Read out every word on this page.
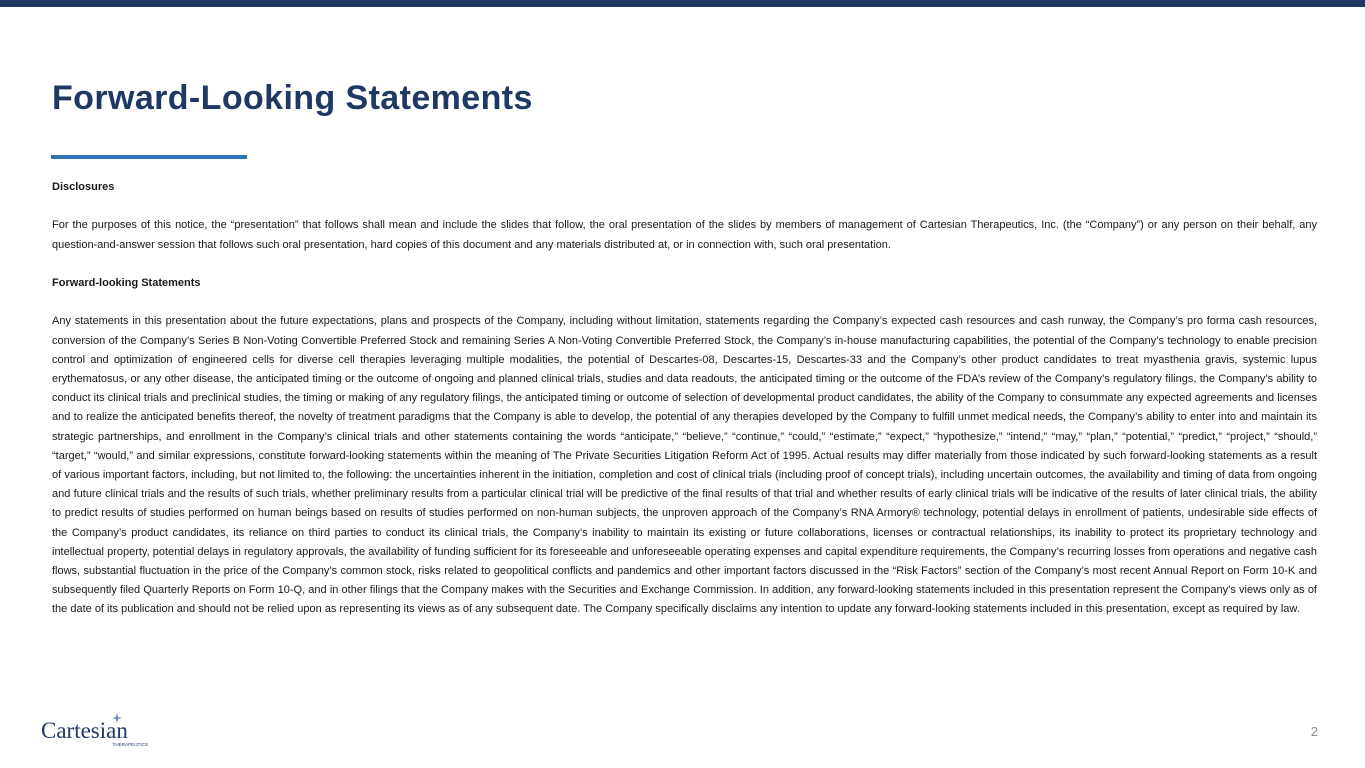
Forward-Looking Statements

Disclosures

For the purposes of this notice, the “presentation” that follows shall mean and include the slides that follow, the oral presentation of the slides by members of management of Cartesian Therapeutics, Inc. (the “Company”) or any person on their behalf, any question-and-answer session that follows such oral presentation, hard copies of this document and any materials distributed at, or in connection with, such oral presentation.

Forward-looking Statements

Any statements in this presentation about the future expectations, plans and prospects of the Company, including without limitation, statements regarding the Company’s expected cash resources and cash runway, the Company’s pro forma cash resources, conversion of the Company’s Series B Non-Voting Convertible Preferred Stock and remaining Series A Non-Voting Convertible Preferred Stock, the Company’s in-house manufacturing capabilities, the potential of the Company’s technology to enable precision control and optimization of engineered cells for diverse cell therapies leveraging multiple modalities, the potential of Descartes-08, Descartes-15, Descartes-33 and the Company’s other product candidates to treat myasthenia gravis, systemic lupus erythematosus, or any other disease, the anticipated timing or the outcome of ongoing and planned clinical trials, studies and data readouts, the anticipated timing or the outcome of the FDA’s review of the Company’s regulatory filings, the Company’s ability to conduct its clinical trials and preclinical studies, the timing or making of any regulatory filings, the anticipated timing or outcome of selection of developmental product candidates, the ability of the Company to consummate any expected agreements and licenses and to realize the anticipated benefits thereof, the novelty of treatment paradigms that the Company is able to develop, the potential of any therapies developed by the Company to fulfill unmet medical needs, the Company’s ability to enter into and maintain its strategic partnerships, and enrollment in the Company’s clinical trials and other statements containing the words “anticipate,” “believe,” “continue,” “could,” “estimate,” “expect,” “hypothesize,” “intend,” “may,” “plan,” “potential,” “predict,” “project,” “should,” “target,” “would,” and similar expressions, constitute forward-looking statements within the meaning of The Private Securities Litigation Reform Act of 1995. Actual results may differ materially from those indicated by such forward-looking statements as a result of various important factors, including, but not limited to, the following: the uncertainties inherent in the initiation, completion and cost of clinical trials (including proof of concept trials), including uncertain outcomes, the availability and timing of data from ongoing and future clinical trials and the results of such trials, whether preliminary results from a particular clinical trial will be predictive of the final results of that trial and whether results of early clinical trials will be indicative of the results of later clinical trials, the ability to predict results of studies performed on human beings based on results of studies performed on non-human subjects, the unproven approach of the Company’s RNA Armory® technology, potential delays in enrollment of patients, undesirable side effects of the Company’s product candidates, its reliance on third parties to conduct its clinical trials, the Company’s inability to maintain its existing or future collaborations, licenses or contractual relationships, its inability to protect its proprietary technology and intellectual property, potential delays in regulatory approvals, the availability of funding sufficient for its foreseeable and unforeseeable operating expenses and capital expenditure requirements, the Company’s recurring losses from operations and negative cash flows, substantial fluctuation in the price of the Company’s common stock, risks related to geopolitical conflicts and pandemics and other important factors discussed in the “Risk Factors” section of the Company’s most recent Annual Report on Form 10-K and subsequently filed Quarterly Reports on Form 10-Q, and in other filings that the Company makes with the Securities and Exchange Commission. In addition, any forward-looking statements included in this presentation represent the Company’s views only as of the date of its publication and should not be relied upon as representing its views as of any subsequent date. The Company specifically disclaims any intention to update any forward-looking statements included in this presentation, except as required by law.

Cartesian
THERAPEUTICS
2
